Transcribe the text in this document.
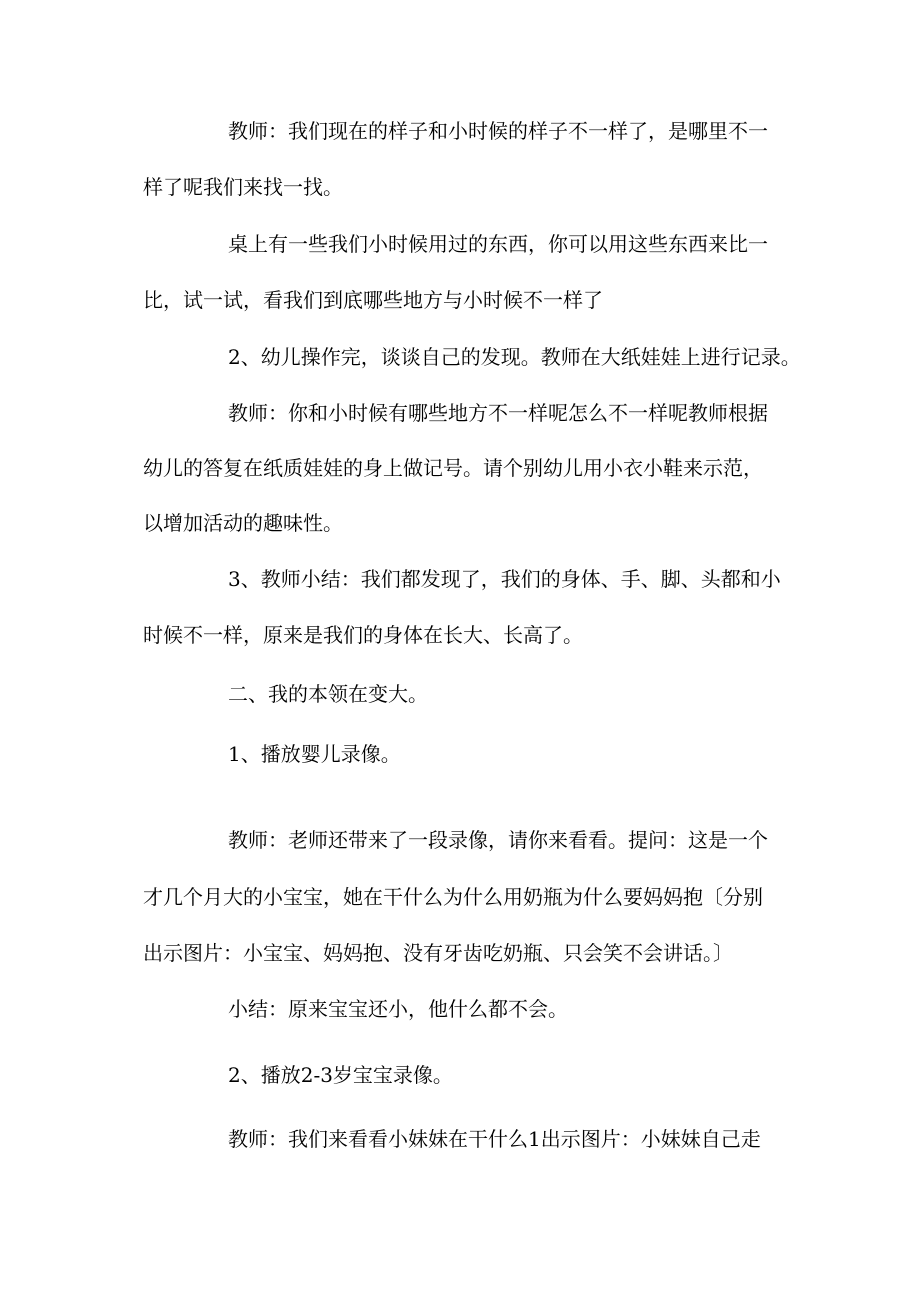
教师：我们现在的样子和小时候的样子不一样了，是哪里不一
样了呢我们来找一找。
桌上有一些我们小时候用过的东西，你可以用这些东西来比一
比，试一试，看我们到底哪些地方与小时候不一样了
2、幼儿操作完，谈谈自己的发现。教师在大纸娃娃上进行记录。
教师：你和小时候有哪些地方不一样呢怎么不一样呢教师根据
幼儿的答复在纸质娃娃的身上做记号。请个别幼儿用小衣小鞋来示范，
以增加活动的趣味性。
3、教师小结：我们都发现了，我们的身体、手、脚、头都和小
时候不一样，原来是我们的身体在长大、长高了。
二、我的本领在变大。
1、播放婴儿录像。
教师：老师还带来了一段录像，请你来看看。提问：这是一个
才几个月大的小宝宝，她在干什么为什么用奶瓶为什么要妈妈抱〔分别
出示图片：小宝宝、妈妈抱、没有牙齿吃奶瓶、只会笑不会讲话。〕
小结：原来宝宝还小，他什么都不会。
2、播放2-3岁宝宝录像。
教师：我们来看看小妹妹在干什么1出示图片：小妹妹自己走
